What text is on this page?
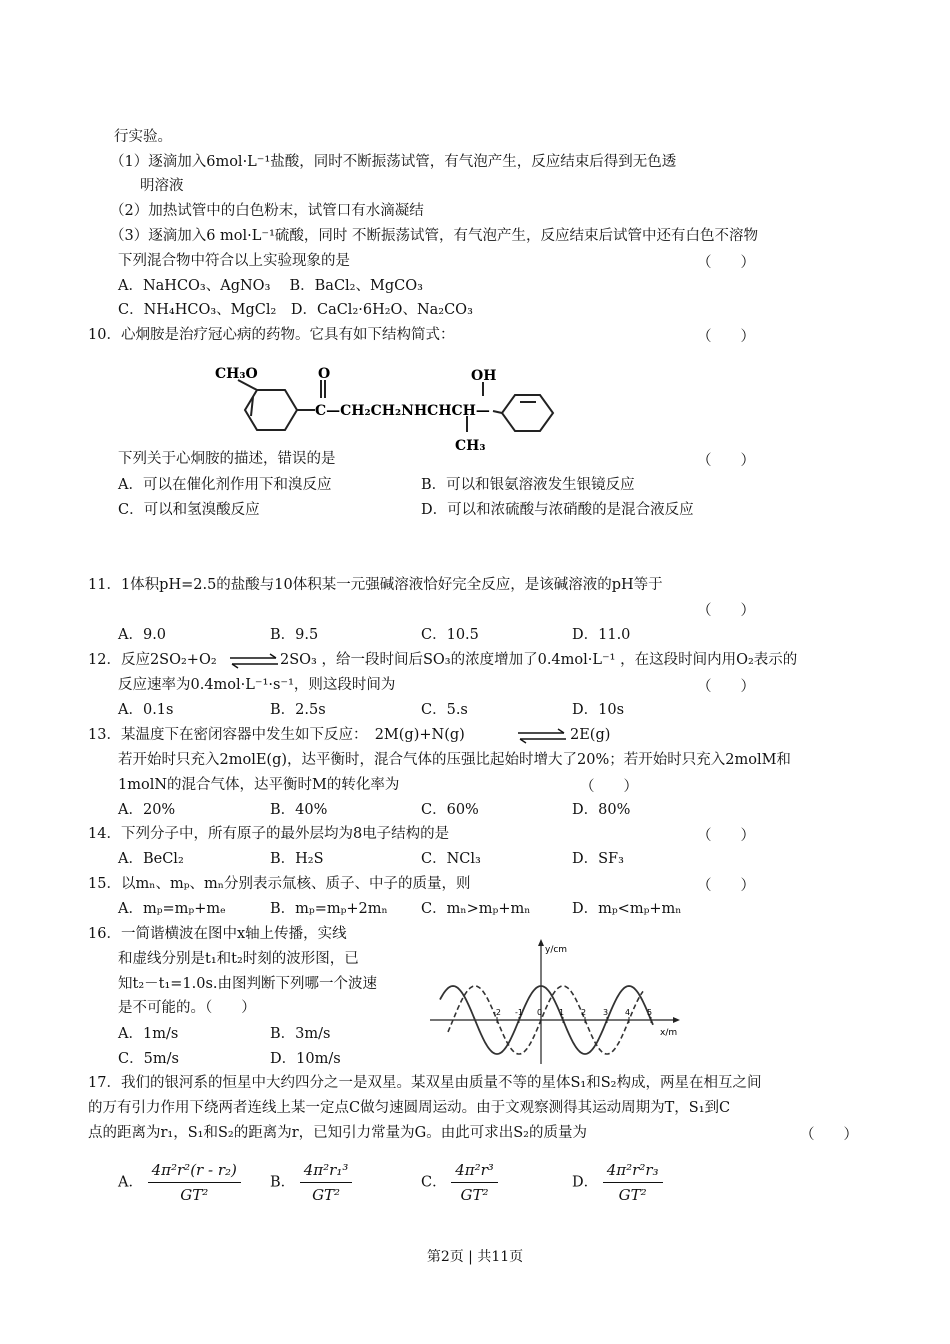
行实验。
（1）逐滴加入6mol·L⁻¹盐酸，同时不断振荡试管，有气泡产生，反应结束后得到无色透
明溶液
（2）加热试管中的白色粉末，试管口有水滴凝结
（3）逐滴加入6 mol·L⁻¹硫酸，同时 不断振荡试管，有气泡产生，反应结束后试管中还有白色不溶物
下列混合物中符合以上实验现象的是	（　　）
A．NaHCO₃、AgNO₃　 B．BaCl₂、MgCO₃
C．NH₄HCO₃、MgCl₂　D．CaCl₂·6H₂O、Na₂CO₃
10．心炯胺是治疗冠心病的药物。它具有如下结构简式：	（　　）
CH₃O	O
C—CH₂CH₂NHCHCH—
OH
CH₃
下列关于心炯胺的描述，错误的是	（　　）
A．可以在催化剂作用下和溴反应	B．可以和银氨溶液发生银镜反应
C．可以和氢溴酸反应	D．可以和浓硫酸与浓硝酸的是混合液反应
11．1体积pH=2.5的盐酸与10体积某一元强碱溶液恰好完全反应，是该碱溶液的pH等于
（　　）
A．9.0	B．9.5	C．10.5	D．11.0
12．反应2SO₂+O₂ ⇌ 2SO₃ ，给一段时间后SO₃的浓度增加了0.4mol·L⁻¹ ，在这段时间内用O₂表示的
反应速率为0.4mol·L⁻¹·s⁻¹，则这段时间为	（　　）
A．0.1s	B．2.5s	C．5.s	D．10s
13．某温度下在密闭容器中发生如下反应：　2M(g)+N(g)	⇌ 2E(g)
若开始时只充入2molE(g)，达平衡时，混合气体的压强比起始时增大了20%；若开始时只充入2molM和
1molN的混合气体，达平衡时M的转化率为	（　　）
A．20%	B．40%	C．60%	D．80%
14．下列分子中，所有原子的最外层均为8电子结构的是	（　　）
A．BeCl₂	B．H₂S	C．NCl₃	D．SF₃
15．以mₙ、mₚ、mₙ分别表示氚核、质子、中子的质量，则	（　　）
A．mₚ=mₚ+mₑ	B．mₚ=mₚ+2mₙ C．mₙ>mₚ+mₙ	D．mₚ<mₚ+mₙ
16．一简谐横波在图中x轴上传播，实线
和虚线分别是t₁和t₂时刻的波形图，已
知t₂－t₁=1.0s.由图判断下列哪一个波速
是不可能的。（　　）
A．1m/s	B．3m/s
C．5m/s	D．10m/s
y/cm
x/m
-2 -1 0 1 2 3 4 5
17．我们的银河系的恒星中大约四分之一是双星。某双星由质量不等的星体S₁和S₂构成，两星在相互之间
的万有引力作用下绕两者连线上某一定点C做匀速圆周运动。由于文观察测得其运动周期为T，S₁到C
点的距离为r₁，S₁和S₂的距离为r，已知引力常量为G。由此可求出S₂的质量为	（　　）
A． $\frac{\text{4π²r²(r - r₂)}}{\text{GT²}}$ B． $\frac{\text{4π²r₁³}}{\text{GT²}}$	C． $\frac{\text{4π²r³}}{\text{GT²}}$	D． $\frac{\text{4π²r²r₃}}{\text{GT²}}$
第2页 | 共11页
